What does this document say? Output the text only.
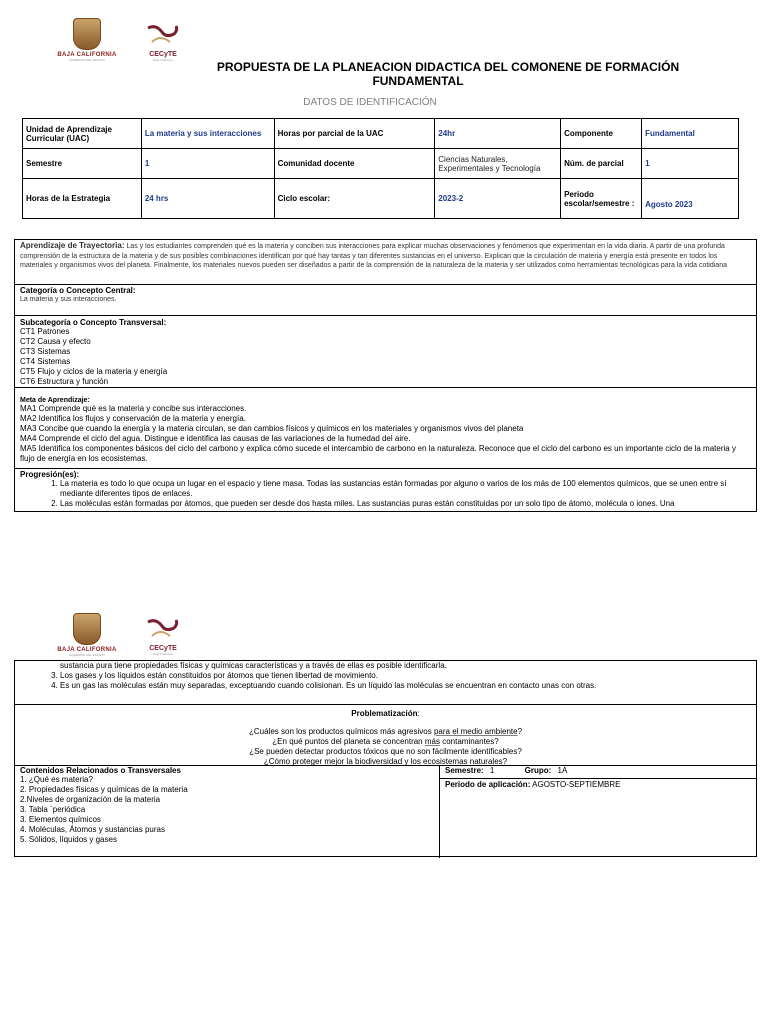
BAJA CALIFORNIA
GOBIERNO DEL ESTADO
CECyTE
Baja California	PROPUESTA DE LA PLANEACION DIDACTICA DEL COMONENE DE FORMACIÓN
FUNDAMENTAL
DATOS DE IDENTIFICACIÓN
Unidad de Aprendizaje Curricular (UAC)	La materia y sus interacciones	Horas por parcial de la UAC	24hr	Componente	Fundamental
Semestre	1	Comunidad docente	Ciencias Naturales, Experimentales y Tecnología	Núm. de parcial	1
Horas de la Estrategia	24 hrs	Ciclo escolar:	2023-2	Periodo escolar/semestre :	Agosto 2023
Aprendizaje de Trayectoria: Las y los estudiantes comprenden qué es la materia y conciben sus interacciones para explicar muchas observaciones y fenómenos que experimentan en la vida diaria. A partir de una profunda comprensión de la estructura de la materia y de sus posibles combinaciones identifican por qué hay tantas y tan diferentes sustancias en el universo. Explican que la circulación de materia y energía está presente en todos los materiales y organismos vivos del planeta. Finalmente, los materiales nuevos pueden ser diseñados a partir de la comprensión de la naturaleza de la materia y ser utilizados como herramientas tecnológicas para la vida cotidiana
Categoría o Concepto Central:
La materia y sus interacciones.
Subcategoría o Concepto Transversal:
CT1 Patrones
CT2 Causa y efecto
CT3 Sistemas
CT4 Sistemas
CT5 Flujo y ciclos de la materia y energía
CT6 Estructura y función
Meta de Aprendizaje:
MA1 Comprende qué es la materia y concibe sus interacciones.
MA2 Identifica los flujos y conservación de la materia y energía.
MA3 Concibe que cuando la energía y la materia circulan, se dan cambios físicos y químicos en los materiales y organismos vivos del planeta
MA4 Comprende el ciclo del agua. Distingue e identifica las causas de las variaciones de la humedad del aire.
MA5 Identifica los componentes básicos del ciclo del carbono y explica cómo sucede el intercambio de carbono en la naturaleza. Reconoce que el ciclo del carbono es un importante ciclo de la materia y flujo de energía en los ecosistemas.
Progresión(es):
1. La materia es todo lo que ocupa un lugar en el espacio y tiene masa. Todas las sustancias están formadas por alguno o varios de los más de 100 elementos químicos, que se unen entre sí mediante diferentes tipos de enlaces.
2. Las moléculas están formadas por átomos, que pueden ser desde dos hasta miles. Las sustancias puras están constituidas por un solo tipo de átomo, molécula o iones. Una
BAJA CALIFORNIA
GOBIERNO DEL ESTADO
CECyTE
Baja California
sustancia pura tiene propiedades físicas y químicas características y a través de ellas es posible identificarla.
3. Los gases y los líquidos están constituidos por átomos que tienen libertad de movimiento.
4. Es un gas las moléculas están muy separadas, exceptuando cuando colisionan. Es un líquido las moléculas se encuentran en contacto unas con otras.
Problematización:
¿Cuáles son los productos químicos más agresivos para el medio ambiente?
¿En qué puntos del planeta se concentran más contaminantes?
¿Se pueden detectar productos tóxicos que no son fácilmente identificables?
¿Cómo proteger mejor la biodiversidad y los ecosistemas naturales?
Contenidos Relacionados o Transversales
1. ¿Qué es materia?
2. Propiedades físicas y químicas de la materia
2.Niveles de organización de la materia
3. Tabla ´periódica
3. Elementos químicos
4. Moléculas, Átomos y sustancias puras
5. Sólidos, líquidos y gases
Semestre: 1	Grupo: 1A
Periodo de aplicación: AGOSTO-SEPTIEMBRE
